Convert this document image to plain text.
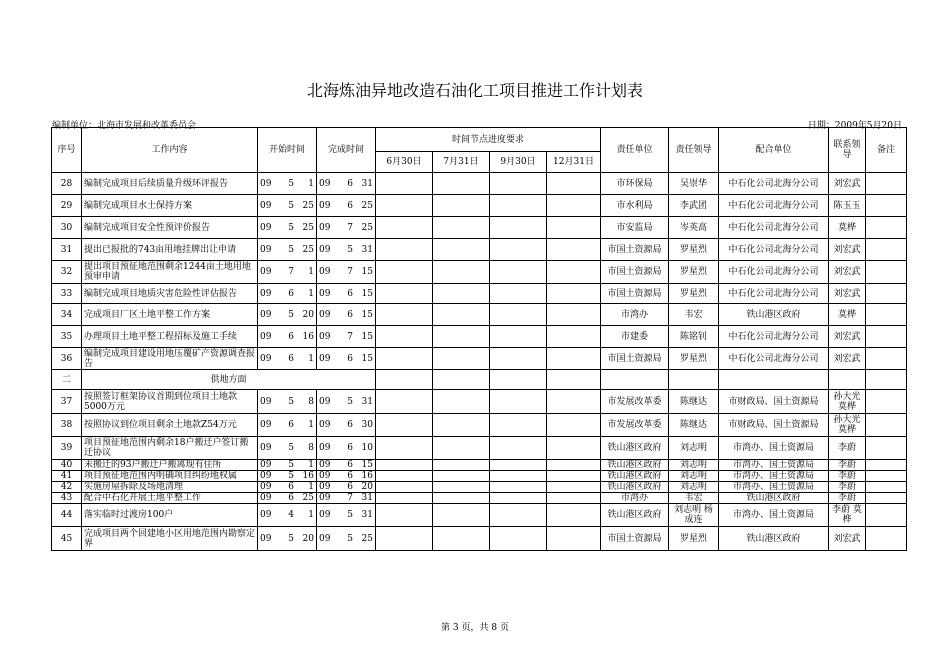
北海炼油异地改造石油化工项目推进工作计划表
编制单位：北海市发展和改革委员会	日期：2009年5月20日
序号	工作内容	开始时间	完成时间	时间节点进度要求				责任单位	责任领导	配合单位	联系领导	备注
				6月30日	7月31日	9月30日	12月31日					
28	编制完成项目后续质量升级环评报告	09 5 1	09 6 31					市环保局	吴崇华	中石化公司北海分公司	刘宏武	
29	编制完成项目水土保持方案	09 5 25	09 6 25					市水利局	李武团	中石化公司北海分公司	陈玉玉	
30	编制完成项目安全性预评价报告	09 5 25	09 7 25					市安监局	岑英高	中石化公司北海分公司	莫桦	
31	提出已报批的743亩用地挂牌出让申请	09 5 25	09 5 31					市国土资源局	罗星烈	中石化公司北海分公司	刘宏武	
32	提出项目预征地范围剩余1244亩土地用地预审申请	09 7 1	09 7 15					市国土资源局	罗星烈	中石化公司北海分公司	刘宏武	
33	编制完成项目地质灾害危险性评估报告	09 6 1	09 6 15					市国土资源局	罗星烈	中石化公司北海分公司	刘宏武	
34	完成项目厂区土地平整工作方案	09 5 20	09 6 15					市湾办	韦宏	铁山港区政府	莫桦	
35	办理项目土地平整工程招标及施工手续	09 6 16	09 7 15					市建委	陈铭钊	中石化公司北海分公司	刘宏武	
36	编制完成项目建设用地压覆矿产资源调查报告	09 6 1	09 6 15					市国土资源局	罗星烈	中石化公司北海分公司	刘宏武	
二	供地方面											
37	按照签订框架协议首期到位项目土地款5000万元	09 5 8	09 5 31					市发展改革委	陈继达	市财政局、国土资源局	孙大光 莫桦	
38	按照协议到位项目剩余土地款Z54万元	09 6 1	09 6 30					市发展改革委	陈继达	市财政局、国土资源局	孙大光 莫桦	
39	项目预征地范围内剩余18户搬迁户签订搬迁协议	09 5 8	09 6 10					铁山港区政府	刘志明	市湾办、国土资源局	李蔚	
40	未搬迁的93户搬迁户搬离现有住所	09 5 1	09 6 15					铁山港区政府	刘志明	市湾办、国土资源局	李蔚	
41	项目预征地范围内明确项目纠纷地权属	09 5 16	09 6 16					铁山港区政府	刘志明	市湾办、国土资源局	李蔚	
42	实施房屋拆除及场地清理	09 6 1	09 6 20					铁山港区政府	刘志明	市湾办、国土资源局	李蔚	
43	配合中石化开展土地平整工作	09 6 25	09 7 31					市湾办	韦宏	铁山港区政府	李蔚	
44	落实临时过渡房100户	09 4 1	09 5 31					铁山港区政府	刘志明 杨成连	市湾办、国土资源局	李蔚 莫桦	
45	完成项目两个回建地小区用地范围内勘察定界	09 5 20	09 5 25					市国土资源局	罗星烈	铁山港区政府	刘宏武	
第 3 页，共 8 页
